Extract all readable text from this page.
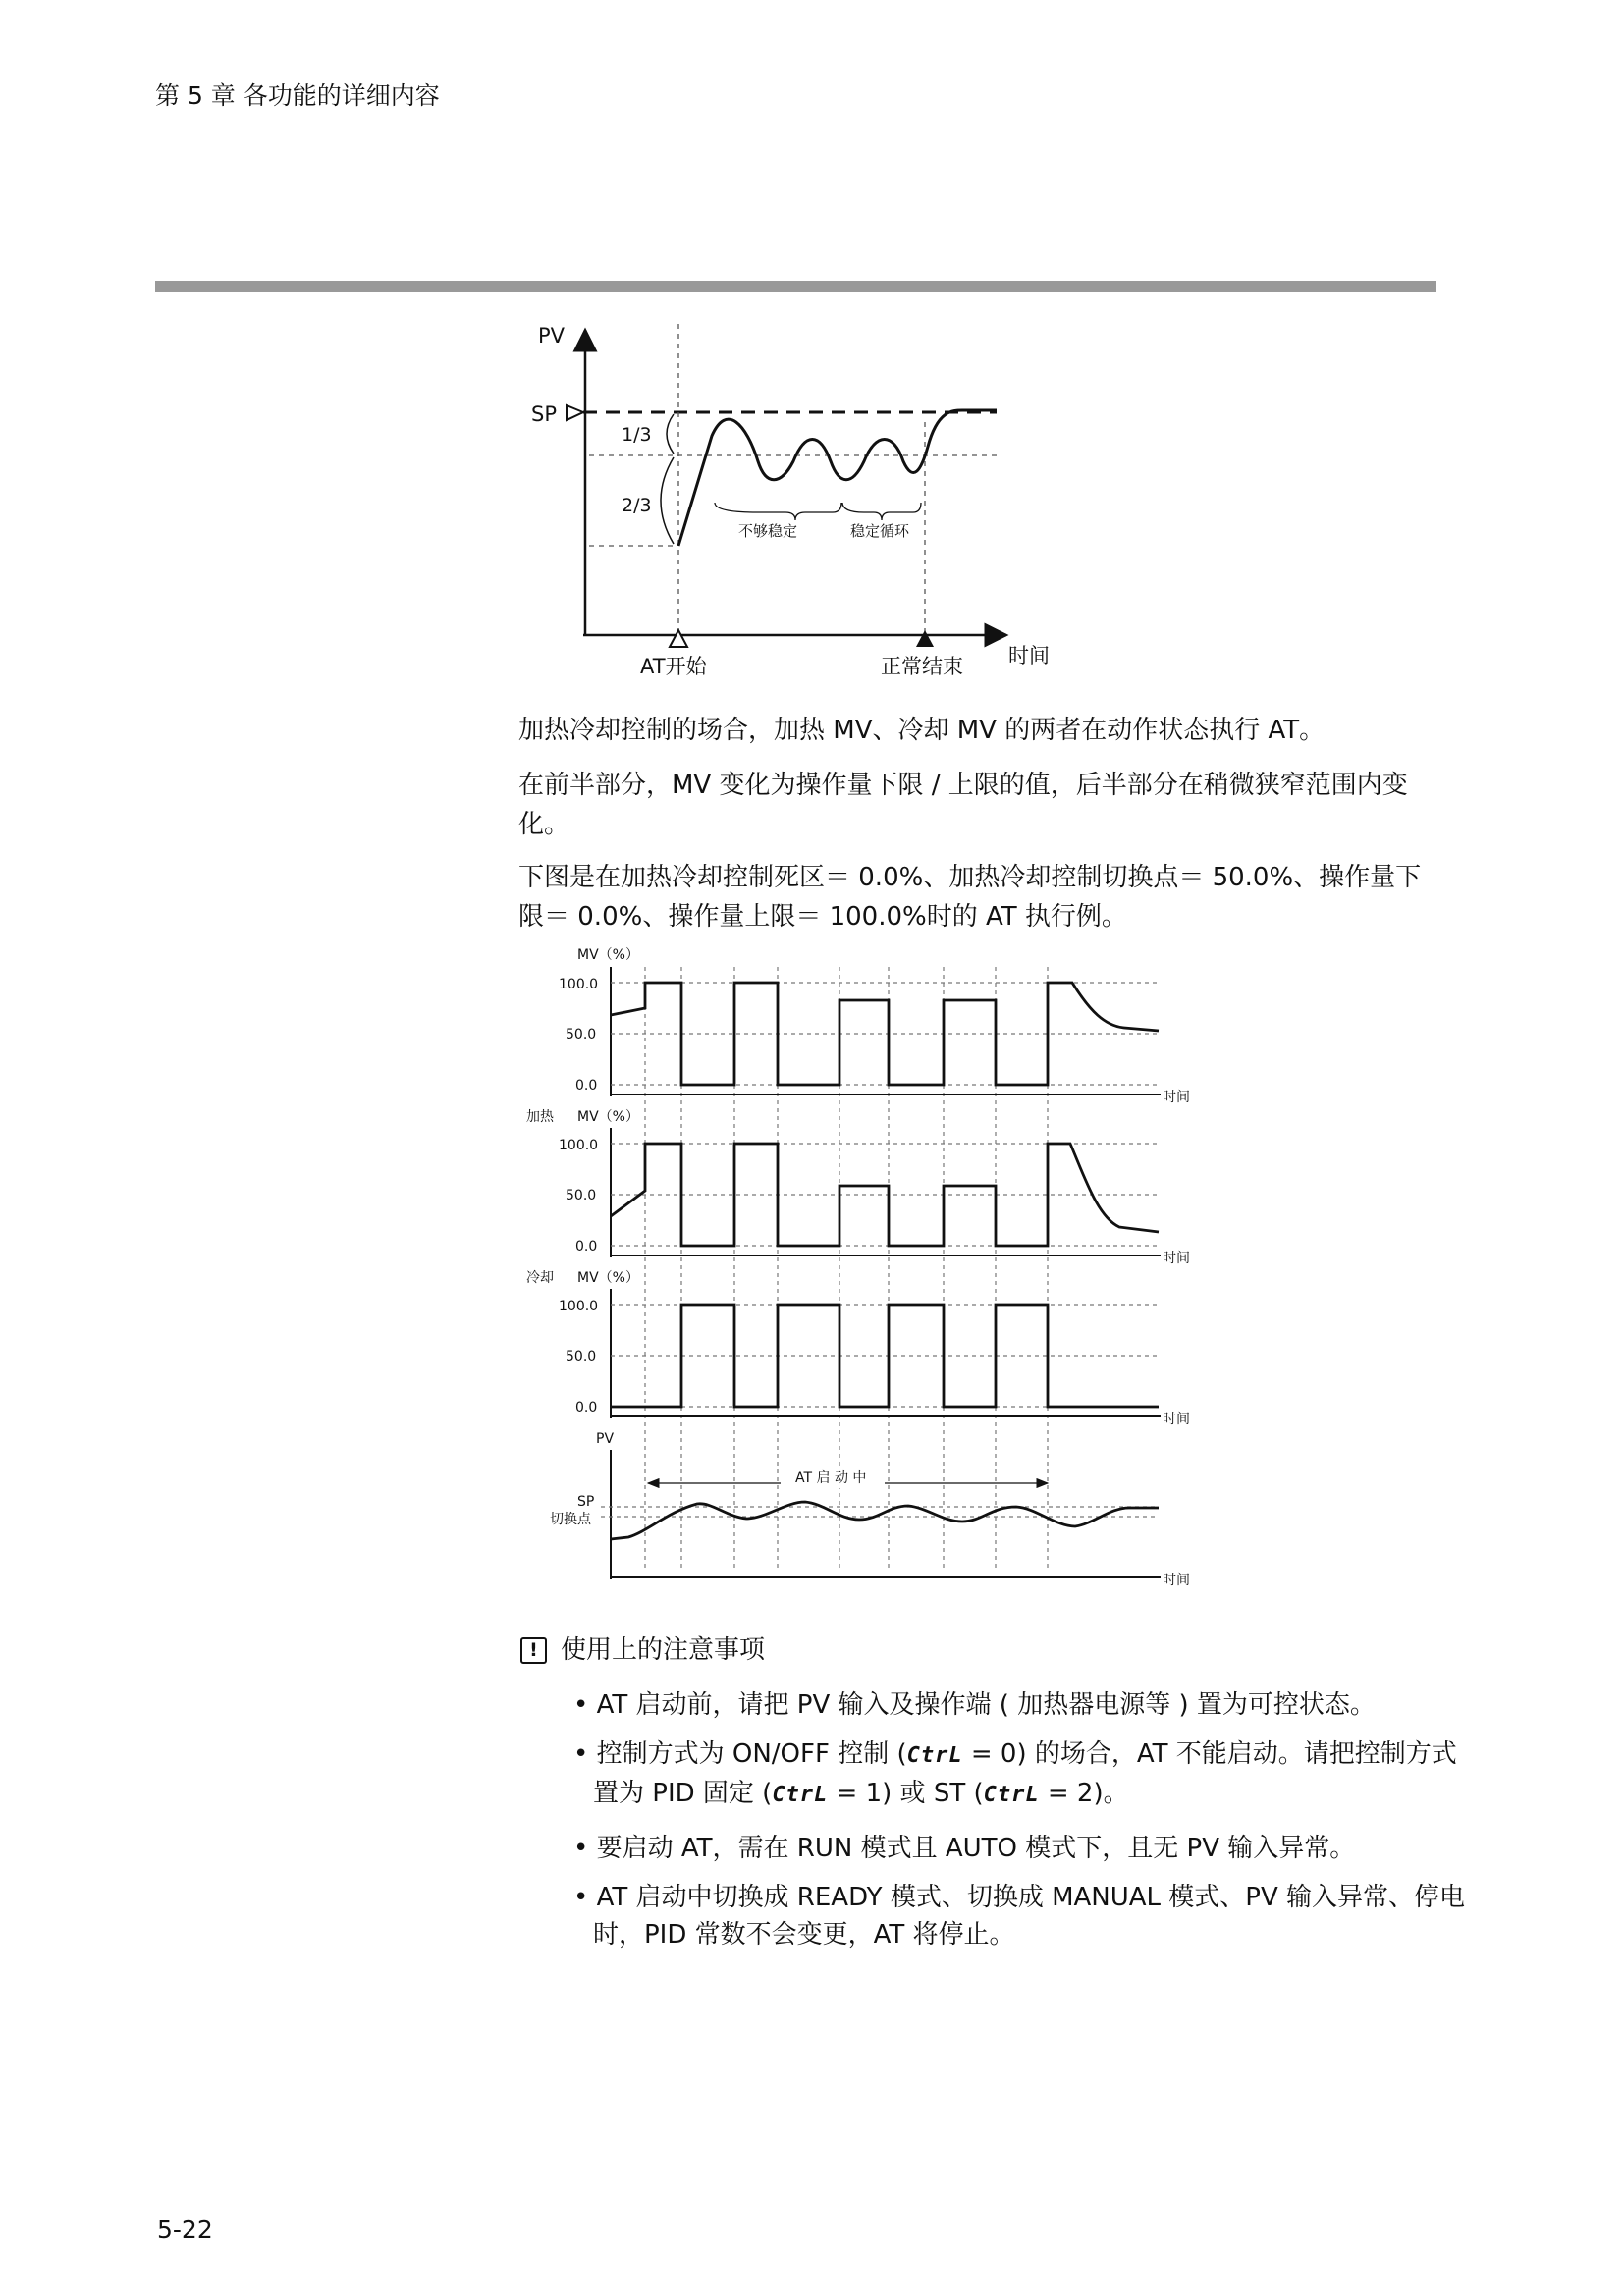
第 5 章 各功能的详细内容
PV
SP
1/3
2/3
不够稳定	稳定循环
AT开始	正常结束 时间

加热冷却控制的场合，加热 MV、冷却 MV 的两者在动作状态执行 AT。

在前半部分，MV 变化为操作量下限 / 上限的值，后半部分在稍微狭窄范围内变化。

下图是在加热冷却控制死区＝ 0.0%、加热冷却控制切换点＝ 50.0%、操作量下限＝ 0.0%、操作量上限＝ 100.0%时的 AT 执行例。

MV（%）
100.0
50.0
0.0
时间
加热 MV（%）
100.0
50.0
0.0
时间
冷却 MV（%）
100.0
50.0
0.0
时间
PV
SP
切换点
时间
AT 启 动 中
! 使用上的注意事项

• AT 启动前，请把 PV 输入及操作端 ( 加热器电源等 ) 置为可控状态。

• 控制方式为 ON/OFF 控制 (CtrL = 0) 的场合，AT 不能启动。请把控制方式置为 PID 固定 (CtrL = 1) 或 ST (CtrL = 2)。

• 要启动 AT，需在 RUN 模式且 AUTO 模式下，且无 PV 输入异常。

• AT 启动中切换成 READY 模式、切换成 MANUAL 模式、PV 输入异常、停电时，PID 常数不会变更，AT 将停止。

5-22
